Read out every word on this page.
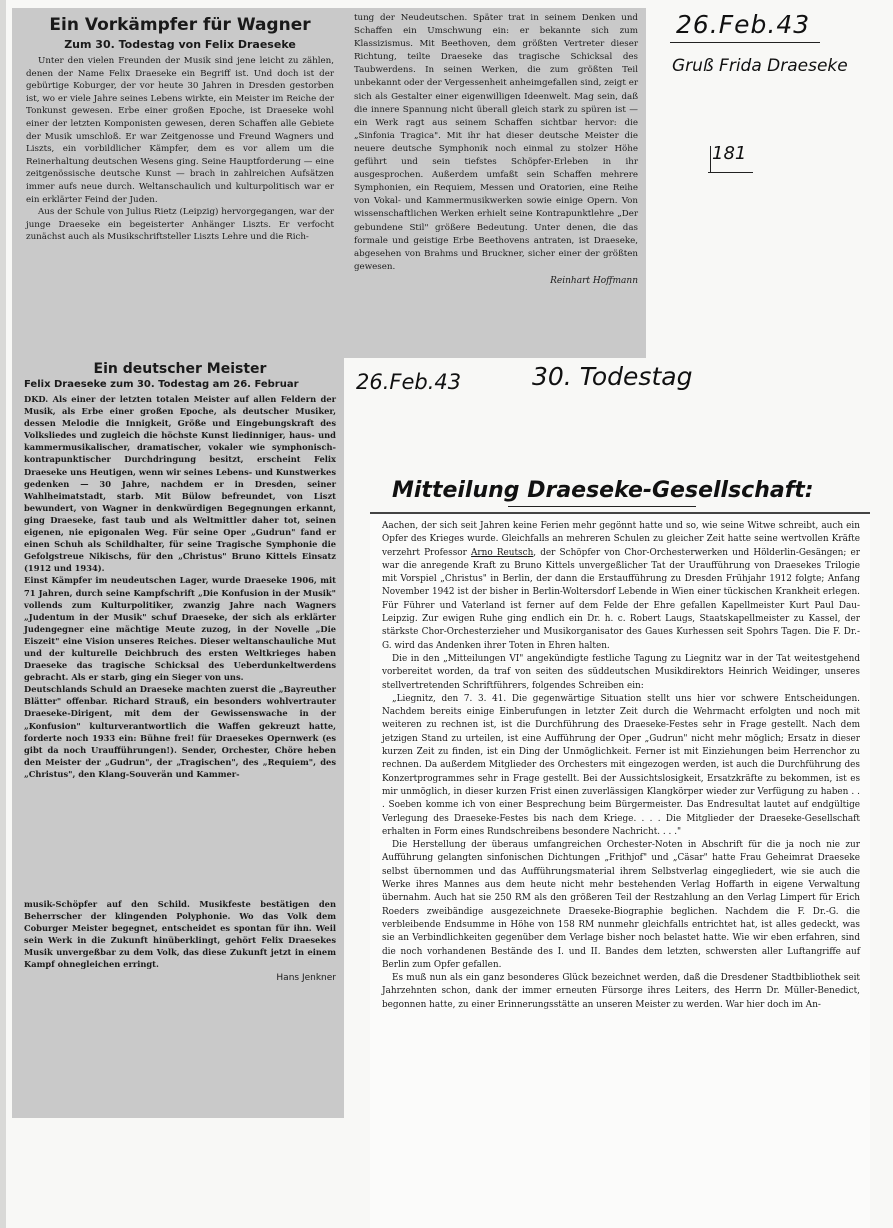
Ein Vorkämpfer für Wagner
Zum 30. Todestag von Felix Draeseke

Unter den vielen Freunden der Musik sind jene leicht zu zählen, denen der Name Felix Draeseke ein Begriff ist. Und doch ist der gebürtige Koburger, der vor heute 30 Jahren in Dresden gestorben ist, wo er viele Jahre seines Lebens wirkte, ein Meister im Reiche der Tonkunst gewesen. Erbe einer großen Epoche, ist Draeseke wohl einer der letzten Komponisten gewesen, deren Schaffen alle Gebiete der Musik umschloß. Er war Zeitgenosse und Freund Wagners und Liszts, ein vorbildlicher Kämpfer, dem es vor allem um die Reinerhaltung deutschen Wesens ging. Seine Hauptforderung — eine zeitgenössische deutsche Kunst — brach in zahlreichen Aufsätzen immer aufs neue durch. Weltanschaulich und kulturpolitisch war er ein erklärter Feind der Juden.

Aus der Schule von Julius Rietz (Leipzig) hervorgegangen, war der junge Draeseke ein begeisterter Anhänger Liszts. Er verfocht zunächst auch als Musikschriftsteller Liszts Lehre und die Rich-

tung der Neudeutschen. Später trat in seinem Denken und Schaffen ein Umschwung ein: er bekannte sich zum Klassizismus. Mit Beethoven, dem größten Vertreter dieser Richtung, teilte Draeseke das tragische Schicksal des Taubwerdens. In seinen Werken, die zum größten Teil unbekannt oder der Vergessenheit anheimgefallen sind, zeigt er sich als Gestalter einer eigenwilligen Ideenwelt. Mag sein, daß die innere Spannung nicht überall gleich stark zu spüren ist — ein Werk ragt aus seinem Schaffen sichtbar hervor: die „Sinfonia Tragica". Mit ihr hat dieser deutsche Meister die neuere deutsche Symphonik noch einmal zu stolzer Höhe geführt und sein tiefstes Schöpfer-Erleben in ihr ausgesprochen. Außerdem umfaßt sein Schaffen mehrere Symphonien, ein Requiem, Messen und Oratorien, eine Reihe von Vokal- und Kammermusikwerken sowie einige Opern. Von wissenschaftlichen Werken erhielt seine Kontrapunktlehre „Der gebundene Stil" größere Bedeutung. Unter denen, die das formale und geistige Erbe Beethovens antraten, ist Draeseke, abgesehen von Brahms und Bruckner, sicher einer der größten gewesen.
Reinhart Hoffmann
Ein deutscher Meister
Felix Draeseke zum 30. Todestag am 26. Februar

DKD. Als einer der letzten totalen Meister auf allen Feldern der Musik, als Erbe einer großen Epoche, als deutscher Musiker, dessen Melodie die Innigkeit, Größe und Eingebungskraft des Volksliedes und zugleich die höchste Kunst liedinniger, haus- und kammermusikalischer, dramatischer, vokaler wie symphonisch-kontrapunktischer Durchdringung besitzt, erscheint Felix Draeseke uns Heutigen, wenn wir seines Lebens- und Kunstwerkes gedenken — 30 Jahre, nachdem er in Dresden, seiner Wahlheimatstadt, starb. Mit Bülow befreundet, von Liszt bewundert, von Wagner in denkwürdigen Begegnungen erkannt, ging Draeseke, fast taub und als Weltmittler daher tot, seinen eigenen, nie epigonalen Weg. Für seine Oper „Gudrun" fand er einen Schuh als Schildhalter, für seine Tragische Symphonie die Gefolgstreue Nikischs, für den „Christus" Bruno Kittels Einsatz (1912 und 1934).

Einst Kämpfer im neudeutschen Lager, wurde Draeseke 1906, mit 71 Jahren, durch seine Kampfschrift „Die Konfusion in der Musik" vollends zum Kulturpolitiker, zwanzig Jahre nach Wagners „Judentum in der Musik" schuf Draeseke, der sich als erklärter Judengegner eine mächtige Meute zuzog, in der Novelle „Die Eiszeit" eine Vision unseres Reiches. Dieser weltanschauliche Mut und der kulturelle Deichbruch des ersten Weltkrieges haben Draeseke das tragische Schicksal des Ueberdunkeltwerdens gebracht. Als er starb, ging ein Sieger von uns.

Deutschlands Schuld an Draeseke machten zuerst die „Bayreuther Blätter" offenbar. Richard Strauß, ein besonders wohlvertrauter Draeseke-Dirigent, mit dem der Gewissenswache in der „Konfusion" kulturverantwortlich die Waffen gekreuzt hatte, forderte noch 1933 ein: Bühne frei! für Draesekes Opernwerk (es gibt da noch Uraufführungen!). Sender, Orchester, Chöre heben den Meister der „Gudrun", der „Tragischen", des „Requiem", des „Christus", den Klang-Souverän und Kammer-

musik-Schöpfer auf den Schild. Musikfeste bestätigen den Beherrscher der klingenden Polyphonie. Wo das Volk dem Coburger Meister begegnet, entscheidet es spontan für ihn. Weil sein Werk in die Zukunft hinüberklingt, gehört Felix Draesekes Musik unvergeßbar zu dem Volk, das diese Zukunft jetzt in einem Kampf ohnegleichen erringt.
Hans Jenkner

Aachen, der sich seit Jahren keine Ferien mehr gegönnt hatte und so, wie seine Witwe schreibt, auch ein Opfer des Krieges wurde. Gleichfalls an mehreren Schulen zu gleicher Zeit hatte seine wertvollen Kräfte verzehrt Professor Arno Reutsch, der Schöpfer von Chor-Orchesterwerken und Hölderlin-Gesängen; er war die anregende Kraft zu Bruno Kittels unvergeßlicher Tat der Uraufführung von Draesekes Trilogie mit Vorspiel „Christus" in Berlin, der dann die Erstaufführung zu Dresden Frühjahr 1912 folgte; Anfang November 1942 ist der bisher in Berlin-Woltersdorf Lebende in Wien einer tückischen Krankheit erlegen. Für Führer und Vaterland ist ferner auf dem Felde der Ehre gefallen Kapellmeister Kurt Paul Dau-Leipzig. Zur ewigen Ruhe ging endlich ein Dr. h. c. Robert Laugs, Staatskapellmeister zu Kassel, der stärkste Chor-Orchesterzieher und Musikorganisator des Gaues Kurhessen seit Spohrs Tagen. Die F. Dr.-G. wird das Andenken ihrer Toten in Ehren halten.

Die in den „Mitteilungen VI" angekündigte festliche Tagung zu Liegnitz war in der Tat weitestgehend vorbereitet worden, da traf von seiten des süddeutschen Musikdirektors Heinrich Weidinger, unseres stellvertretenden Schriftführers, folgendes Schreiben ein:

„Liegnitz, den 7. 3. 41. Die gegenwärtige Situation stellt uns hier vor schwere Entscheidungen. Nachdem bereits einige Einberufungen in letzter Zeit durch die Wehrmacht erfolgten und noch mit weiteren zu rechnen ist, ist die Durchführung des Draeseke-Festes sehr in Frage gestellt. Nach dem jetzigen Stand zu urteilen, ist eine Aufführung der Oper „Gudrun" nicht mehr möglich; Ersatz in dieser kurzen Zeit zu finden, ist ein Ding der Unmöglichkeit. Ferner ist mit Einziehungen beim Herrenchor zu rechnen. Da außerdem Mitglieder des Orchesters mit eingezogen werden, ist auch die Durchführung des Konzertprogrammes sehr in Frage gestellt. Bei der Aussichtslosigkeit, Ersatzkräfte zu bekommen, ist es mir unmöglich, in dieser kurzen Frist einen zuverlässigen Klangkörper wieder zur Verfügung zu haben . . . Soeben komme ich von einer Besprechung beim Bürgermeister. Das Endresultat lautet auf endgültige Verlegung des Draeseke-Festes bis nach dem Kriege. . . . Die Mitglieder der Draeseke-Gesellschaft erhalten in Form eines Rundschreibens besondere Nachricht. . . ."

Die Herstellung der überaus umfangreichen Orchester-Noten in Abschrift für die ja noch nie zur Aufführung gelangten sinfonischen Dichtungen „Frithjof" und „Cäsar" hatte Frau Geheimrat Draeseke selbst übernommen und das Aufführungsmaterial ihrem Selbstverlag eingegliedert, wie sie auch die Werke ihres Mannes aus dem heute nicht mehr bestehenden Verlag Hoffarth in eigene Verwaltung übernahm. Auch hat sie 250 RM als den größeren Teil der Restzahlung an den Verlag Limpert für Erich Roeders zweibändige ausgezeichnete Draeseke-Biographie beglichen. Nachdem die F. Dr.-G. die verbleibende Endsumme in Höhe von 158 RM nunmehr gleichfalls entrichtet hat, ist alles gedeckt, was sie an Verbindlichkeiten gegenüber dem Verlage bisher noch belastet hatte. Wie wir eben erfahren, sind die noch vorhandenen Bestände des I. und II. Bandes dem letzten, schwersten aller Luftangriffe auf Berlin zum Opfer gefallen.

Es muß nun als ein ganz besonderes Glück bezeichnet werden, daß die Dresdener Stadtbibliothek seit Jahrzehnten schon, dank der immer erneuten Fürsorge ihres Leiters, des Herrn Dr. Müller-Benedict, begonnen hatte, zu einer Erinnerungsstätte an unseren Meister zu werden. War hier doch im An-

26.Feb.43
Gruß Frida Draeseke
181
26.Feb.43	30. Todestag
Mitteilung Draeseke-Gesellschaft:
